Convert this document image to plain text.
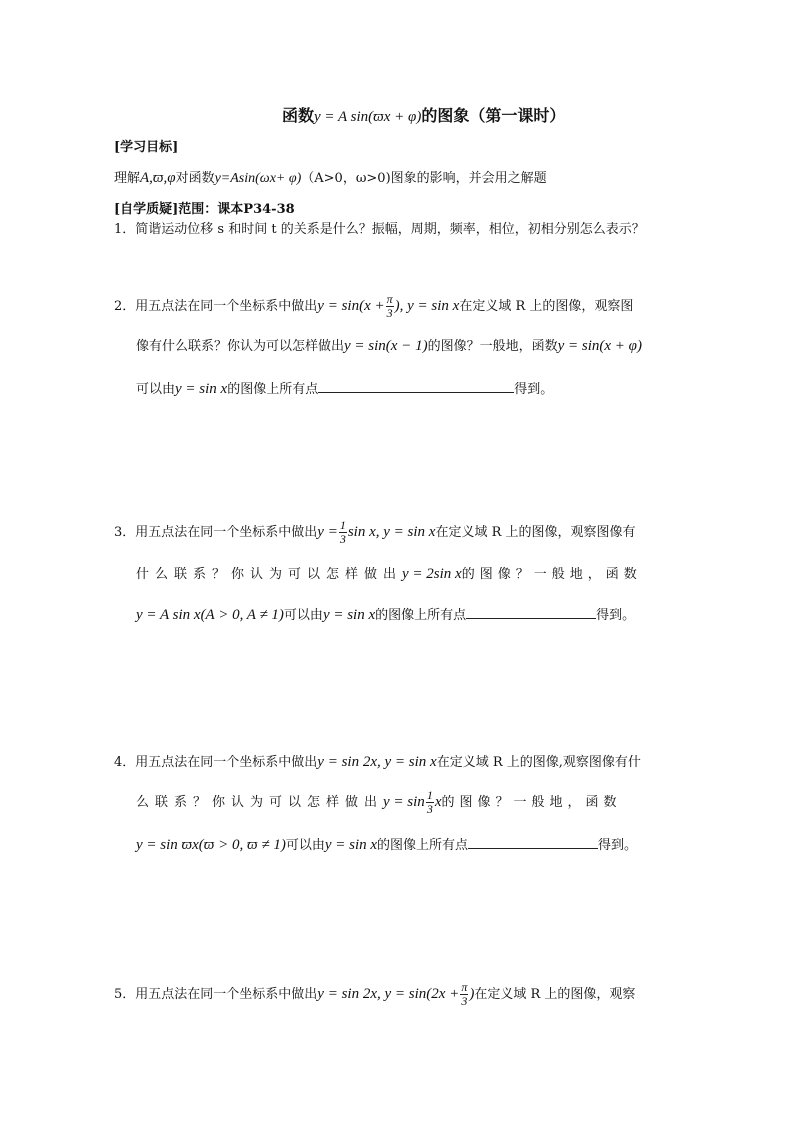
函数y = A sin(ϖx + φ)的图象（第一课时）
[学习目标]
理解A,ϖ,φ对函数y=Asin(ωx+ φ)（A>0，ω>0)图象的影响，并会用之解题
[自学质疑]范围：课本P34-38
1．简谐运动位移 s 和时间 t 的关系是什么？振幅，周期，频率，相位，初相分别怎么表示？
2．用五点法在同一个坐标系中做出$y = \sin(x + \frac{\pi}{3}$ ), y = sin x在定义域 R 上的图像，观察图
像有什么联系？你认为可以怎样做出y = sin(x − 1)的图像？一般地，函数y = sin(x + φ)
可以由y = sin x的图像上所有点	得到。
3．用五点法在同一个坐标系中做出$y = \frac{1}{3}$ sin x, y = sin x在定义域 R 上的图像，观察图像有
什么联系？你认为可以怎样做出y = 2sin x的图像？一般地，函数
y = A sin x(A > 0, A ≠ 1)可以由y = sin x的图像上所有点	得到。
4．用五点法在同一个坐标系中做出y = sin 2x, y = sin x在定义域 R 上的图像,观察图像有什
么联系？你认为可以怎样做出$y = \sin \frac{1}{3}$ x的图像？一般地，函数
y = sin ϖx(ϖ > 0, ϖ ≠ 1)可以由y = sin x的图像上所有点	得到。
5．用五点法在同一个坐标系中做出y = sin 2x, $y = \sin(2x + \frac{\pi}{3}$ )在定义域 R 上的图像，观察
